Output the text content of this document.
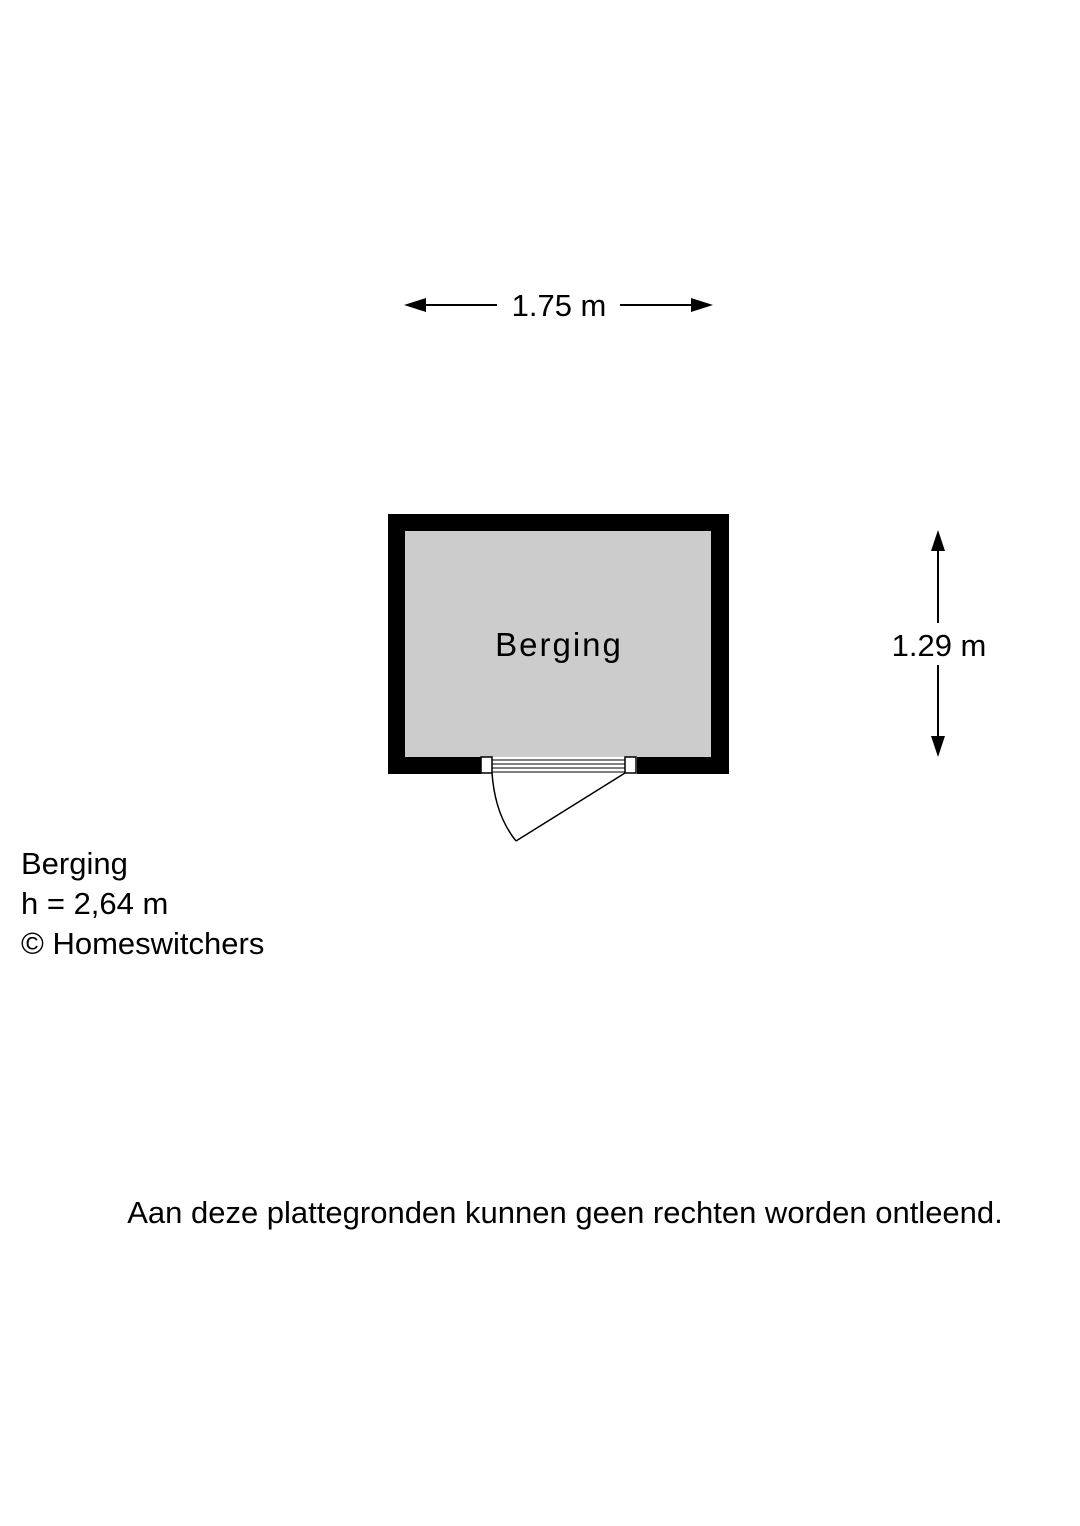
1.75 m
Berging	1.29 m
Berging
h = 2,64 m
© Homeswitchers
Aan deze plattegronden kunnen geen rechten worden ontleend.
